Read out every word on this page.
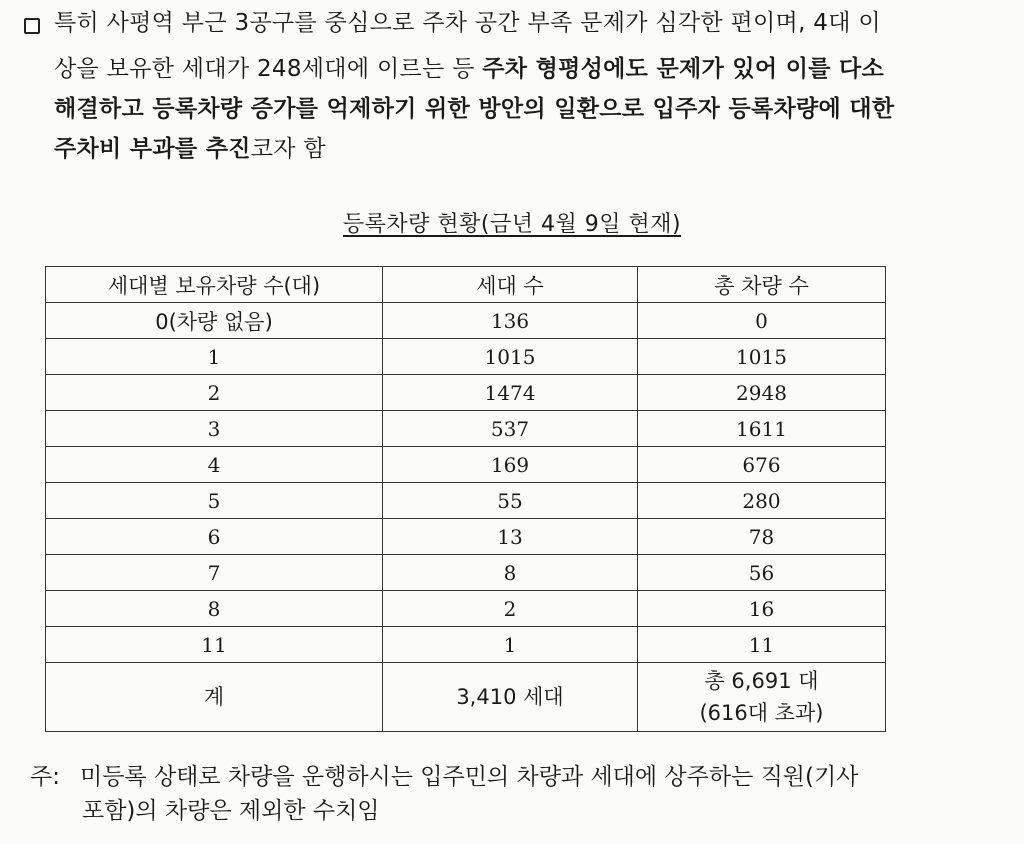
특히 사평역 부근 3공구를 중심으로 주차 공간 부족 문제가 심각한 편이며, 4대 이
상을 보유한 세대가 248세대에 이르는 등 주차 형평성에도 문제가 있어 이를 다소
해결하고 등록차량 증가를 억제하기 위한 방안의 일환으로 입주자 등록차량에 대한
주차비 부과를 추진코자 함
등록차량 현황(금년 4월 9일 현재)
세대별 보유차량 수(대)	세대 수	총 차량 수
0(차량 없음)	136	0
1	1015	1015
2	1474	2948
3	537	1611
4	169	676
5	55	280
6	13	78
7	8	56
8	2	16
11	1	11
계	3,410 세대	총 6,691 대
(616대 초과)
주: 미등록 상태로 차량을 운행하시는 입주민의 차량과 세대에 상주하는 직원(기사
포함)의 차량은 제외한 수치임
